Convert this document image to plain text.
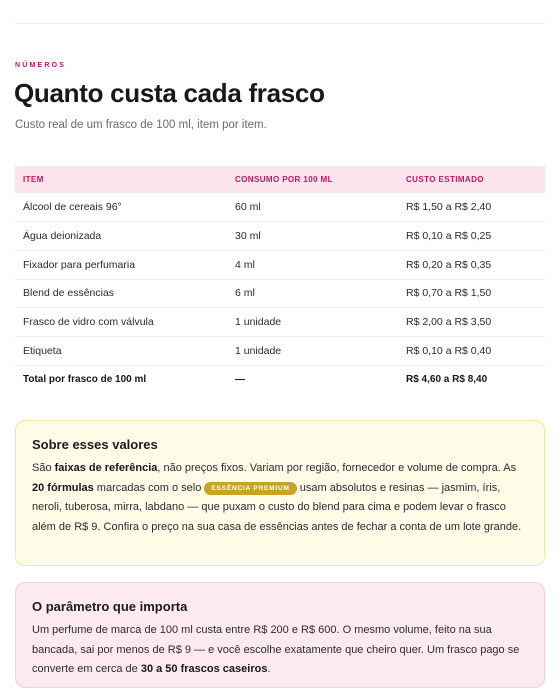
NÚMEROS
Quanto custa cada frasco
Custo real de um frasco de 100 ml, item por item.
ITEM	CONSUMO POR 100 ML	CUSTO ESTIMADO
Álcool de cereais 96°	60 ml	R$ 1,50 a R$ 2,40
Água deionizada	30 ml	R$ 0,10 a R$ 0,25
Fixador para perfumaria	4 ml	R$ 0,20 a R$ 0,35
Blend de essências	6 ml	R$ 0,70 a R$ 1,50
Frasco de vidro com válvula	1 unidade	R$ 2,00 a R$ 3,50
Etiqueta	1 unidade	R$ 0,10 a R$ 0,40
Total por frasco de 100 ml	—	R$ 4,60 a R$ 8,40
Sobre esses valores

São faixas de referência, não preços fixos. Variam por região, fornecedor e volume de compra. As 20 fórmulas marcadas com o selo ESSÊNCIA PREMIUM usam absolutos e resinas — jasmim, íris, neroli, tuberosa, mirra, labdano — que puxam o custo do blend para cima e podem levar o frasco além de R$ 9. Confira o preço na sua casa de essências antes de fechar a conta de um lote grande.

O parâmetro que importa

Um perfume de marca de 100 ml custa entre R$ 200 e R$ 600. O mesmo volume, feito na sua bancada, sai por menos de R$ 9 — e você escolhe exatamente que cheiro quer. Um frasco pago se converte em cerca de 30 a 50 frascos caseiros.
